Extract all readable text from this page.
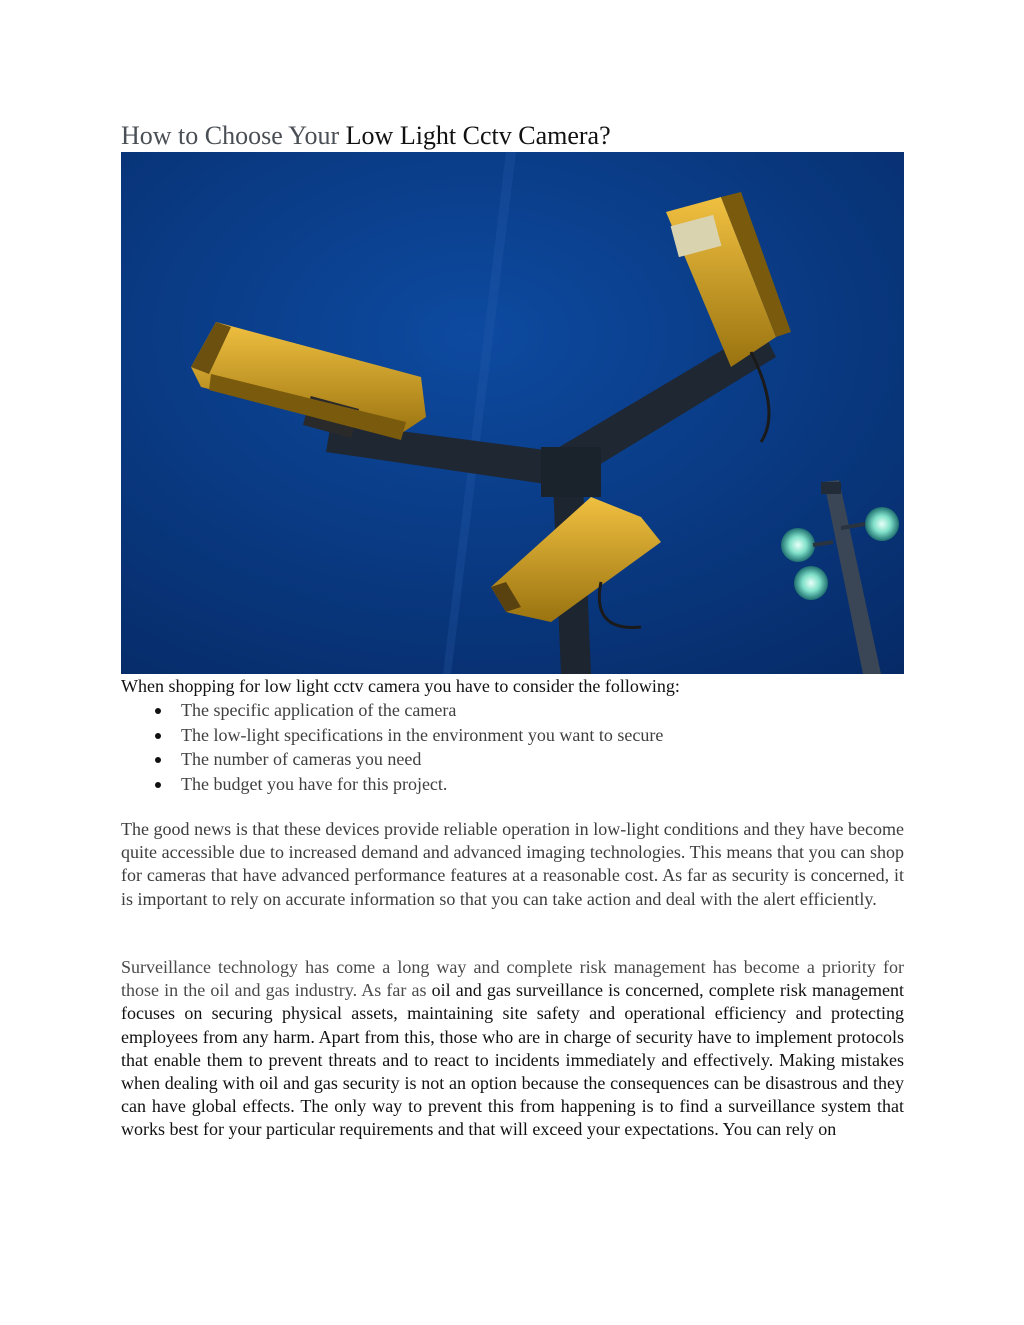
How to Choose Your Low Light Cctv Camera?

When shopping for low light cctv camera you have to consider the following:

The specific application of the camera
The low-light specifications in the environment you want to secure
The number of cameras you need
The budget you have for this project.

The good news is that these devices provide reliable operation in low-light conditions and they have become quite accessible due to increased demand and advanced imaging technologies. This means that you can shop for cameras that have advanced performance features at a reasonable cost. As far as security is concerned, it is important to rely on accurate information so that you can take action and deal with the alert efficiently.

Surveillance technology has come a long way and complete risk management has become a priority for those in the oil and gas industry. As far as oil and gas surveillance is concerned, complete risk management focuses on securing physical assets, maintaining site safety and operational efficiency and protecting employees from any harm. Apart from this, those who are in charge of security have to implement protocols that enable them to prevent threats and to react to incidents immediately and effectively. Making mistakes when dealing with oil and gas security is not an option because the consequences can be disastrous and they can have global effects. The only way to prevent this from happening is to find a surveillance system that works best for your particular requirements and that will exceed your expectations. You can rely on
